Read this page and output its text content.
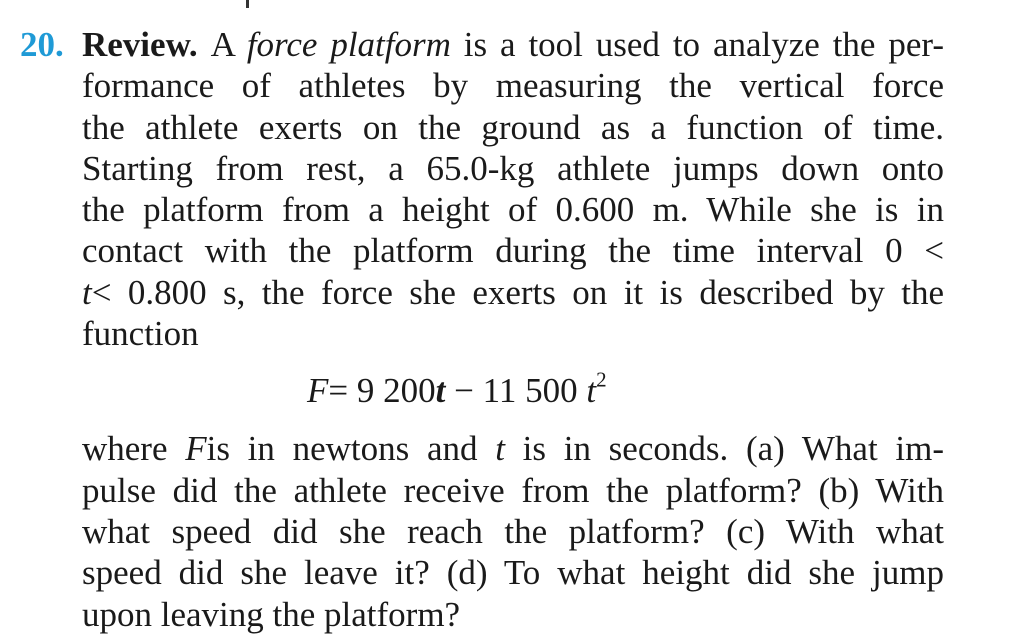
20. Review. A force platform is a tool used to analyze the per-
formance of athletes by measuring the vertical force
the athlete exerts on the ground as a function of time.
Starting from rest, a 65.0-kg athlete jumps down onto
the platform from a height of 0.600 m. While she is in
contact with the platform during the time interval 0 <
t< 0.800 s, the force she exerts on it is described by the
function
F= 9 200t − 11 500 $t^2$
where Fis in newtons and t is in seconds. (a) What im-
pulse did the athlete receive from the platform? (b) With
what speed did she reach the platform? (c) With what
speed did she leave it? (d) To what height did she jump
upon leaving the platform?
